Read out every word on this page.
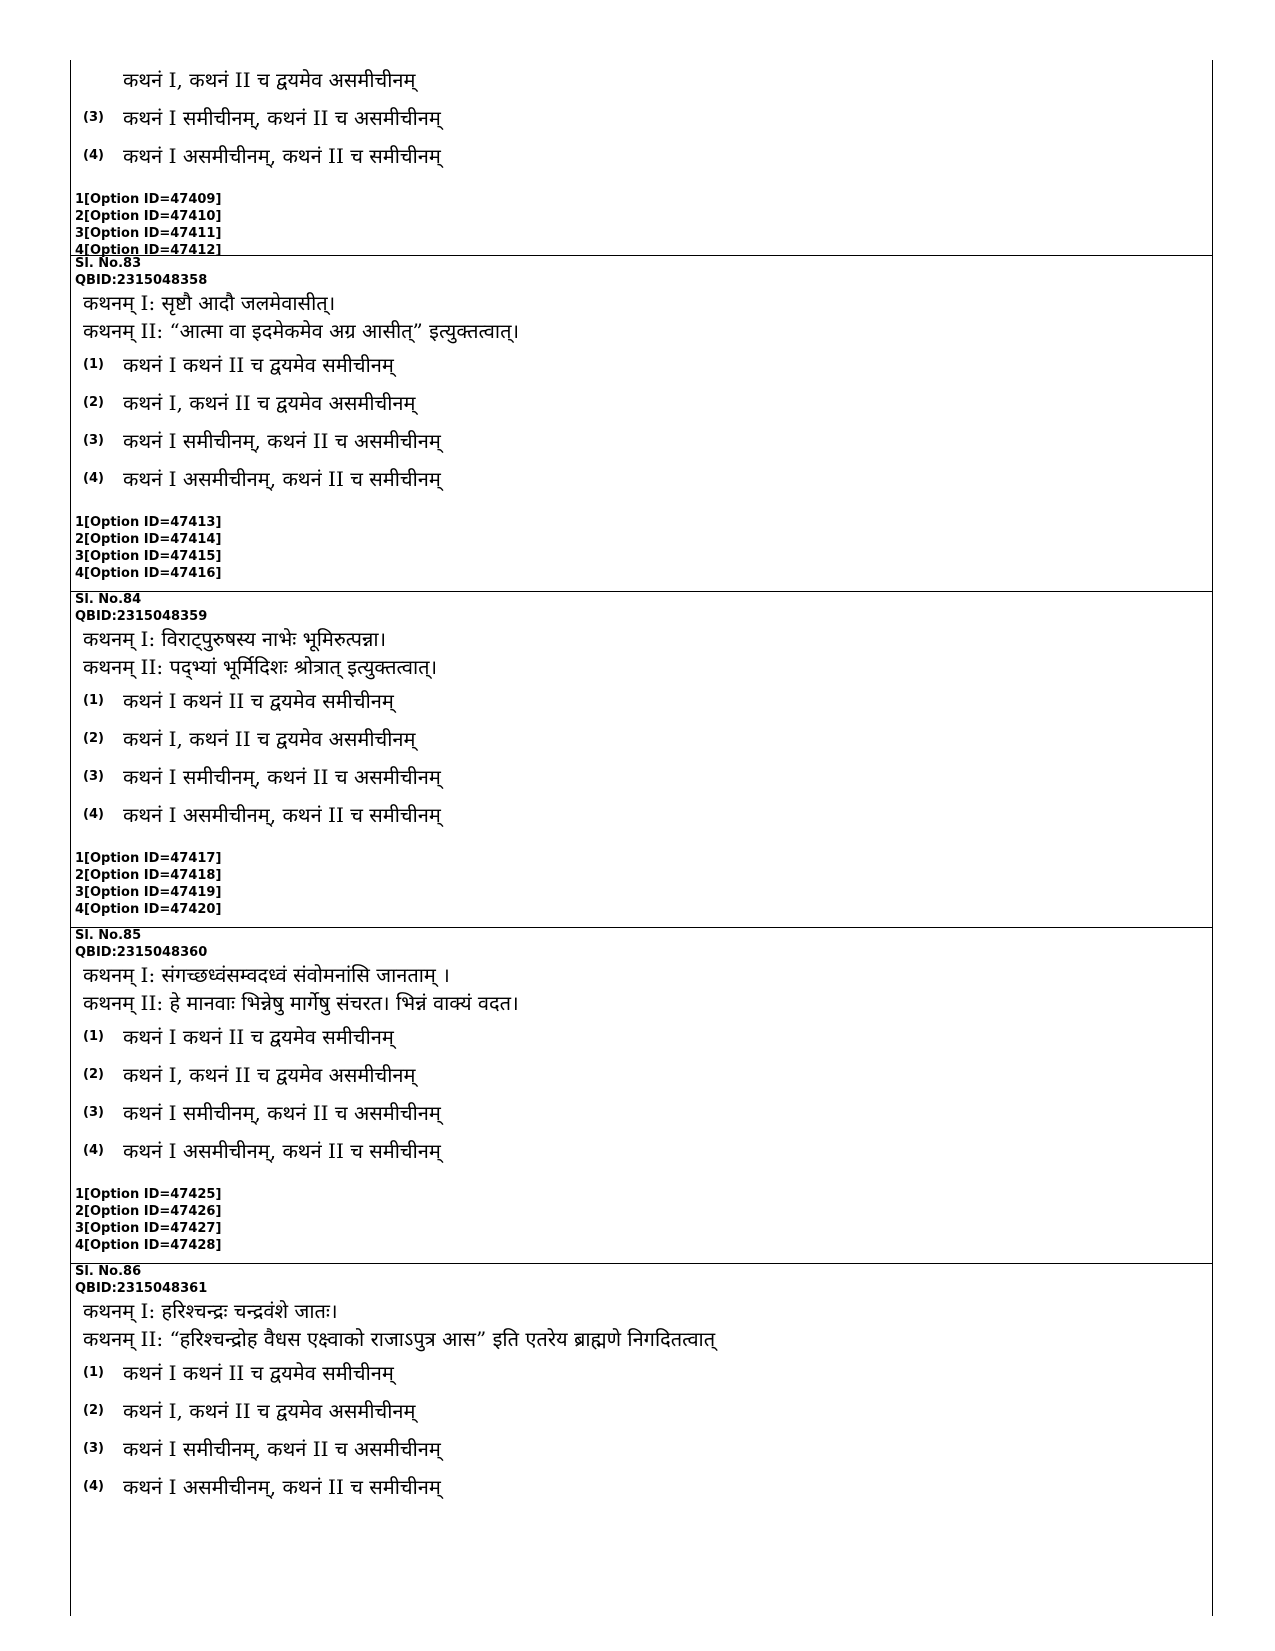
कथनं I, कथनं II च द्वयमेव असमीचीनम्
(3) कथनं I समीचीनम्, कथनं II च असमीचीनम्
(4) कथनं I असमीचीनम्, कथनं II च समीचीनम्

1[Option ID=47409]

2[Option ID=47410]

3[Option ID=47411]

4[Option ID=47412]

Sl. No.83

QBID:2315048358

कथनम् I: सृष्टौ आदौ जलमेवासीत्।
कथनम् II: “आत्मा वा इदमेकमेव अग्र आसीत्” इत्युक्तत्वात्।
(1) कथनं I कथनं II च द्वयमेव समीचीनम्
(2) कथनं I, कथनं II च द्वयमेव असमीचीनम्
(3) कथनं I समीचीनम्, कथनं II च असमीचीनम्
(4) कथनं I असमीचीनम्, कथनं II च समीचीनम्

1[Option ID=47413]

2[Option ID=47414]

3[Option ID=47415]

4[Option ID=47416]

Sl. No.84

QBID:2315048359

कथनम् I: विराट्पुरुषस्य नाभेः भूमिरुत्पन्ना।
कथनम् II: पद्भ्यां भूर्मिदिशः श्रोत्रात् इत्युक्तत्वात्।
(1) कथनं I कथनं II च द्वयमेव समीचीनम्
(2) कथनं I, कथनं II च द्वयमेव असमीचीनम्
(3) कथनं I समीचीनम्, कथनं II च असमीचीनम्
(4) कथनं I असमीचीनम्, कथनं II च समीचीनम्

1[Option ID=47417]

2[Option ID=47418]

3[Option ID=47419]

4[Option ID=47420]

Sl. No.85

QBID:2315048360

कथनम् I: संगच्छध्वंसम्वदध्वं संवोमनांसि जानताम् ।
कथनम् II: हे मानवाः भिन्नेषु मार्गेषु संचरत। भिन्नं वाक्यं वदत।
(1) कथनं I कथनं II च द्वयमेव समीचीनम्
(2) कथनं I, कथनं II च द्वयमेव असमीचीनम्
(3) कथनं I समीचीनम्, कथनं II च असमीचीनम्
(4) कथनं I असमीचीनम्, कथनं II च समीचीनम्

1[Option ID=47425]

2[Option ID=47426]

3[Option ID=47427]

4[Option ID=47428]

Sl. No.86

QBID:2315048361

कथनम् I: हरिश्चन्द्रः चन्द्रवंशे जातः।
कथनम् II: “हरिश्चन्द्रोह वैधस एक्ष्वाको राजाऽपुत्र आस” इति एतरेय ब्राह्मणे निगदितत्वात्
(1) कथनं I कथनं II च द्वयमेव समीचीनम्
(2) कथनं I, कथनं II च द्वयमेव असमीचीनम्
(3) कथनं I समीचीनम्, कथनं II च असमीचीनम्
(4) कथनं I असमीचीनम्, कथनं II च समीचीनम्
